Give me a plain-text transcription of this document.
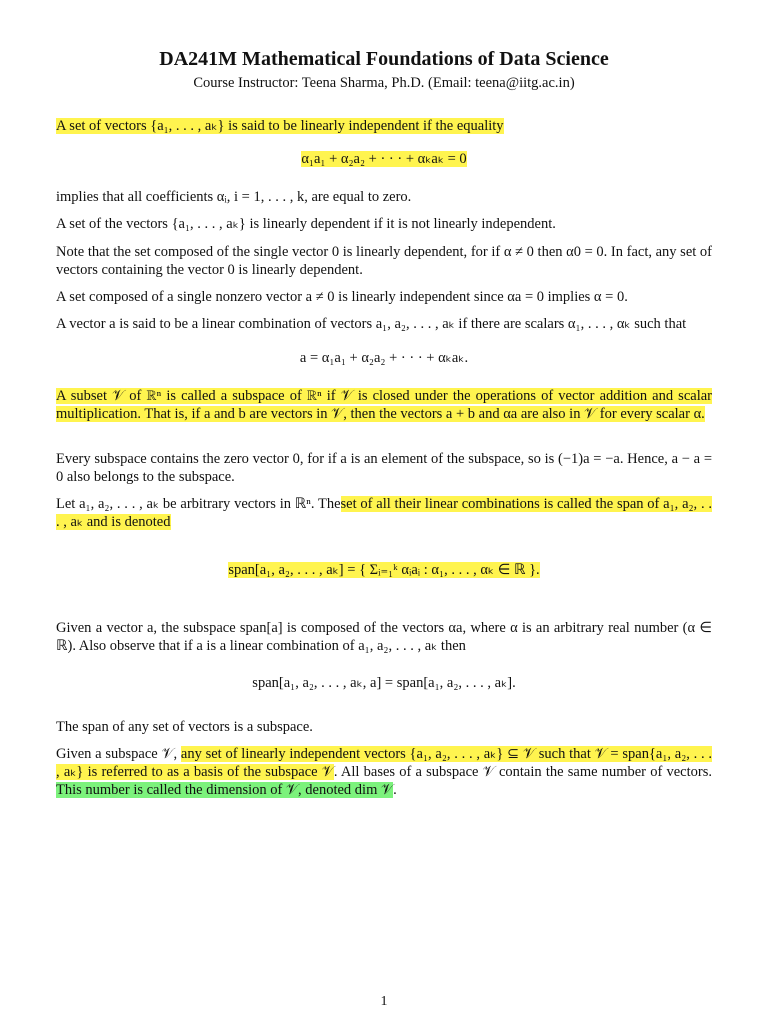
DA241M Mathematical Foundations of Data Science
Course Instructor: Teena Sharma, Ph.D. (Email: teena@iitg.ac.in)
A set of vectors {a₁, . . . , aₖ} is said to be linearly independent if the equality
α₁a₁ + α₂a₂ + · · · + αₖaₖ = 0
implies that all coefficients αᵢ, i = 1, . . . , k, are equal to zero.
A set of the vectors {a₁, . . . , aₖ} is linearly dependent if it is not linearly independent.
Note that the set composed of the single vector 0 is linearly dependent, for if α ≠ 0 then α0 = 0. In fact, any set of vectors containing the vector 0 is linearly dependent.
A set composed of a single nonzero vector a ≠ 0 is linearly independent since αa = 0 implies α = 0.
A vector a is said to be a linear combination of vectors a₁, a₂, . . . , aₖ if there are scalars α₁, . . . , αₖ such that
a = α₁a₁ + α₂a₂ + · · · + αₖaₖ.
A subset 𝒱 of ℝⁿ is called a subspace of ℝⁿ if 𝒱 is closed under the operations of vector addition and scalar multiplication. That is, if a and b are vectors in 𝒱, then the vectors a + b and αa are also in 𝒱 for every scalar α.
Every subspace contains the zero vector 0, for if a is an element of the subspace, so is (−1)a = −a. Hence, a − a = 0 also belongs to the subspace.
Let a₁, a₂, . . . , aₖ be arbitrary vectors in ℝⁿ. Theset of all their linear combinations is called the span of a₁, a₂, . . . , aₖ and is denoted
span[a₁, a₂, . . . , aₖ] = { Σᵢ₌₁ᵏ αᵢaᵢ : α₁, . . . , αₖ ∈ ℝ }.
Given a vector a, the subspace span[a] is composed of the vectors αa, where α is an arbitrary real number (α ∈ ℝ). Also observe that if a is a linear combination of a₁, a₂, . . . , aₖ then
span[a₁, a₂, . . . , aₖ, a] = span[a₁, a₂, . . . , aₖ].
The span of any set of vectors is a subspace.
Given a subspace 𝒱, any set of linearly independent vectors {a₁, a₂, . . . , aₖ} ⊆ 𝒱 such that 𝒱 = span{a₁, a₂, . . . , aₖ} is referred to as a basis of the subspace 𝒱. All bases of a subspace 𝒱 contain the same number of vectors. This number is called the dimension of 𝒱, denoted dim 𝒱.
1
